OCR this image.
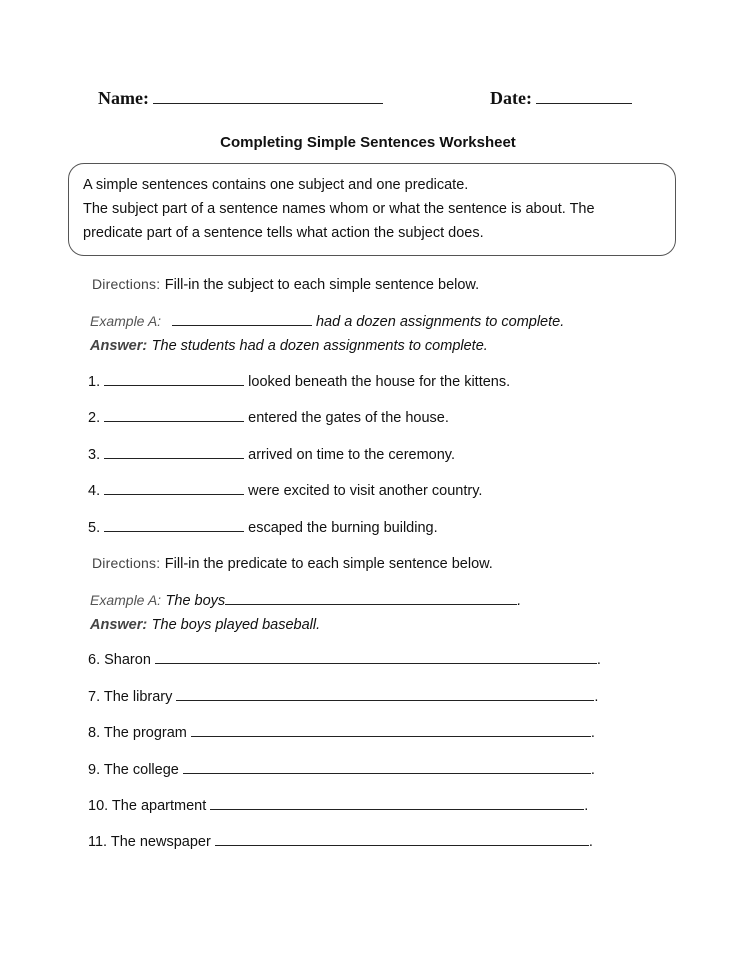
Name:	Date:
Completing Simple Sentences Worksheet
A simple sentences contains one subject and one predicate.
The subject part of a sentence names whom or what the sentence is about. The
predicate part of a sentence tells what action the subject does.
Directions: Fill-in the subject to each simple sentence below.
Example A:	had a dozen assignments to complete.
Answer: The students had a dozen assignments to complete.
1.	looked beneath the house for the kittens.
2.	entered the gates of the house.
3.	arrived on time to the ceremony.
4.	were excited to visit another country.
5.	escaped the burning building.
Directions: Fill-in the predicate to each simple sentence below.
Example A: The boys	.
Answer: The boys played baseball.
6. Sharon	.
7. The library	.
8. The program	.
9. The college	.
10. The apartment	.
11. The newspaper	.
